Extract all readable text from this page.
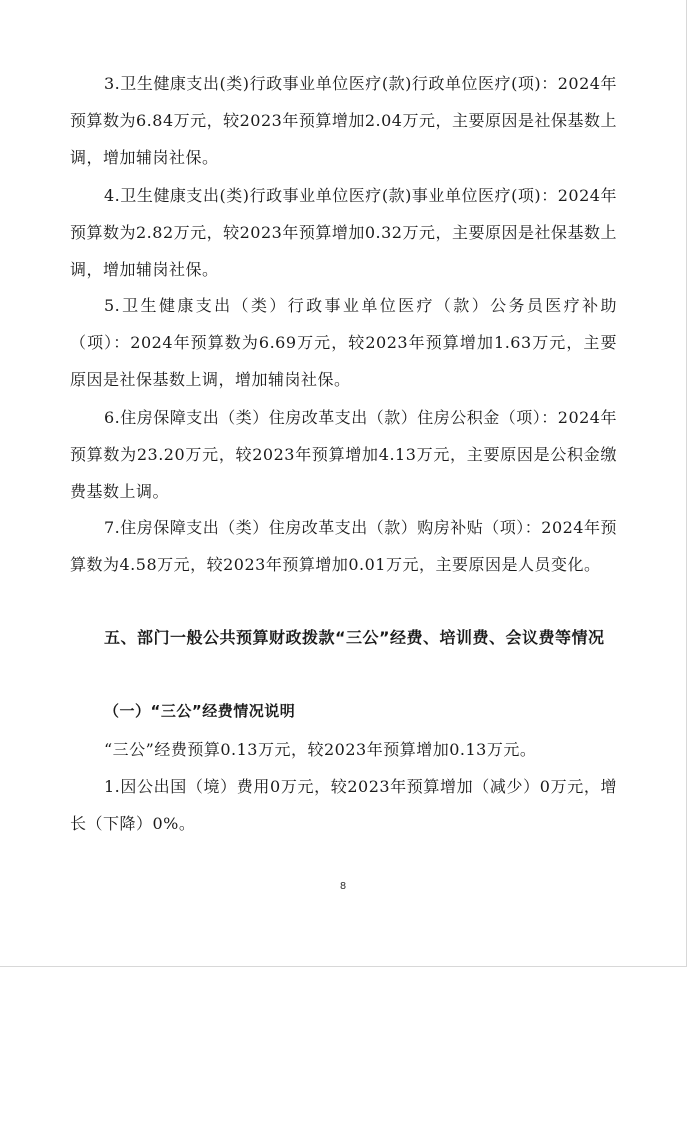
3.卫生健康支出(类)行政事业单位医疗(款)行政单位医疗(项)：2024年预算数为6.84万元，较2023年预算增加2.04万元，主要原因是社保基数上调，增加辅岗社保。

4.卫生健康支出(类)行政事业单位医疗(款)事业单位医疗(项)：2024年预算数为2.82万元，较2023年预算增加0.32万元，主要原因是社保基数上调，增加辅岗社保。

5.卫生健康支出（类）行政事业单位医疗（款）公务员医疗补助（项）：2024年预算数为6.69万元，较2023年预算增加1.63万元，主要原因是社保基数上调，增加辅岗社保。

6.住房保障支出（类）住房改革支出（款）住房公积金（项）：2024年预算数为23.20万元，较2023年预算增加4.13万元，主要原因是公积金缴费基数上调。

7.住房保障支出（类）住房改革支出（款）购房补贴（项）：2024年预算数为4.58万元，较2023年预算增加0.01万元，主要原因是人员变化。

五、部门一般公共预算财政拨款“三公”经费、培训费、会议费等情况

（一）“三公”经费情况说明

“三公”经费预算0.13万元，较2023年预算增加0.13万元。

1.因公出国（境）费用0万元，较2023年预算增加（减少）0万元，增长（下降）0%。

8
